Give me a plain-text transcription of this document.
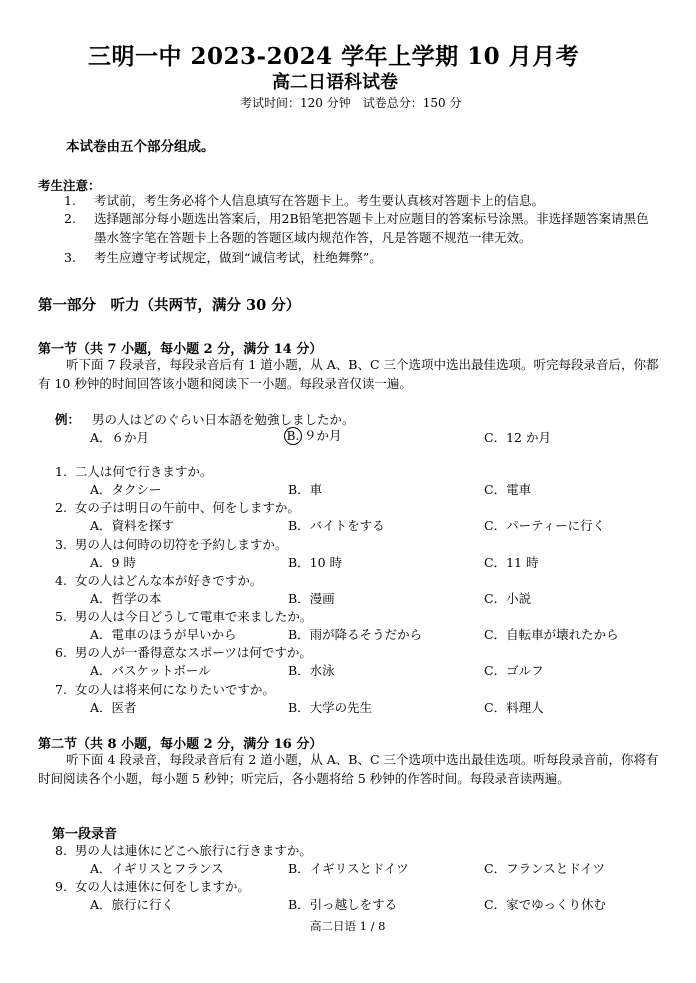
三明一中 2023-2024 学年上学期 10 月月考
高二日语科试卷
考试时间：120 分钟　试卷总分：150 分
本试卷由五个部分组成。
考生注意：
1. 考试前，考生务必将个人信息填写在答题卡上。考生要认真核对答题卡上的信息。
2. 选择题部分每小题选出答案后，用2B铅笔把答题卡上对应题目的答案标号涂黑。非选择题答案请黑色墨水签字笔在答题卡上各题的答题区域内规范作答，凡是答题不规范一律无效。
3. 考生应遵守考试规定，做到“诚信考试，杜绝舞弊”。
第一部分　听力（共两节，满分 30 分）
第一节（共 7 小题，每小题 2 分，满分 14 分）
听下面 7 段录音，每段录音后有 1 道小题，从 A、B、C 三个选项中选出最佳选项。听完每段录音后，你都有 10 秒钟的时间回答该小题和阅读下一小题。每段录音仅读一遍。
例： 男の人はどのぐらい日本語を勉強しましたか。
A．６か月	B. ９か月	C．12 か月
1. 二人は何で行きますか。
A．タクシー	B．車	C．電車
2. 女の子は明日の午前中、何をしますか。
A．資料を探す	B．バイトをする	C．パーティーに行く
3. 男の人は何時の切符を予約しますか。
A．9 時	B．10 時	C．11 時
4. 女の人はどんな本が好きですか。
A．哲学の本	B．漫画	C．小説
5. 男の人は今日どうして電車で来ましたか。
A．電車のほうが早いから	B．雨が降るそうだから	C．自転車が壊れたから
6. 男の人が一番得意なスポーツは何ですか。
A．バスケットボール	B．水泳	C．ゴルフ
7. 女の人は将来何になりたいですか。
A．医者	B．大学の先生	C．料理人
第二节（共 8 小题，每小题 2 分，满分 16 分）
听下面 4 段录音，每段录音后有 2 道小题，从 A、B、C 三个选项中选出最佳选项。听每段录音前，你将有时间阅读各个小题，每小题 5 秒钟；听完后，各小题将给 5 秒钟的作答时间。每段录音读两遍。
第一段录音
8. 男の人は連休にどこへ旅行に行きますか。
A．イギリスとフランス	B．イギリスとドイツ	C．フランスとドイツ
9. 女の人は連休に何をしますか。
A．旅行に行く	B．引っ越しをする	C．家でゆっくり休む
高二日语 1 / 8
